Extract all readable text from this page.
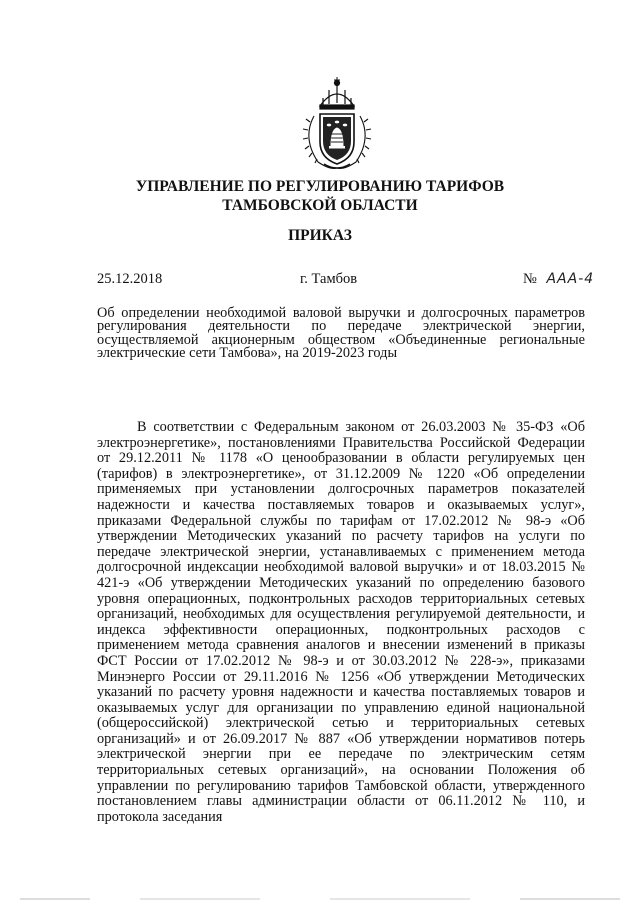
УПРАВЛЕНИЕ ПО РЕГУЛИРОВАНИЮ ТАРИФОВ
ТАМБОВСКОЙ ОБЛАСТИ
ПРИКАЗ
25.12.2018	г. Тамбов	№ ААА-4
Об определении необходимой валовой выручки и долгосрочных параметров регулирования деятельности по передаче электрической энергии, осуществляемой акционерным обществом «Объединенные региональные электрические сети Тамбова», на 2019-2023 годы

В соответствии с Федеральным законом от 26.03.2003 № 35-ФЗ «Об электроэнергетике», постановлениями Правительства Российской Федерации от 29.12.2011 № 1178 «О ценообразовании в области регулируемых цен (тарифов) в электроэнергетике», от 31.12.2009 № 1220 «Об определении применяемых при установлении долгосрочных параметров показателей надежности и качества поставляемых товаров и оказываемых услуг», приказами Федеральной службы по тарифам от 17.02.2012 № 98-э «Об утверждении Методических указаний по расчету тарифов на услуги по передаче электрической энергии, устанавливаемых с применением метода долгосрочной индексации необходимой валовой выручки» и от 18.03.2015 № 421-э «Об утверждении Методических указаний по определению базового уровня операционных, подконтрольных расходов территориальных сетевых организаций, необходимых для осуществления регулируемой деятельности, и индекса эффективности операционных, подконтрольных расходов с применением метода сравнения аналогов и внесении изменений в приказы ФСТ России от 17.02.2012 № 98-э и от 30.03.2012 № 228-э», приказами Минэнерго России от 29.11.2016 № 1256 «Об утверждении Методических указаний по расчету уровня надежности и качества поставляемых товаров и оказываемых услуг для организации по управлению единой национальной (общероссийской) электрической сетью и территориальных сетевых организаций» и от 26.09.2017 № 887 «Об утверждении нормативов потерь электрической энергии при ее передаче по электрическим сетям территориальных сетевых организаций», на основании Положения об управлении по регулированию тарифов Тамбовской области, утвержденного постановлением главы администрации области от 06.11.2012 № 110, и протокола заседания
